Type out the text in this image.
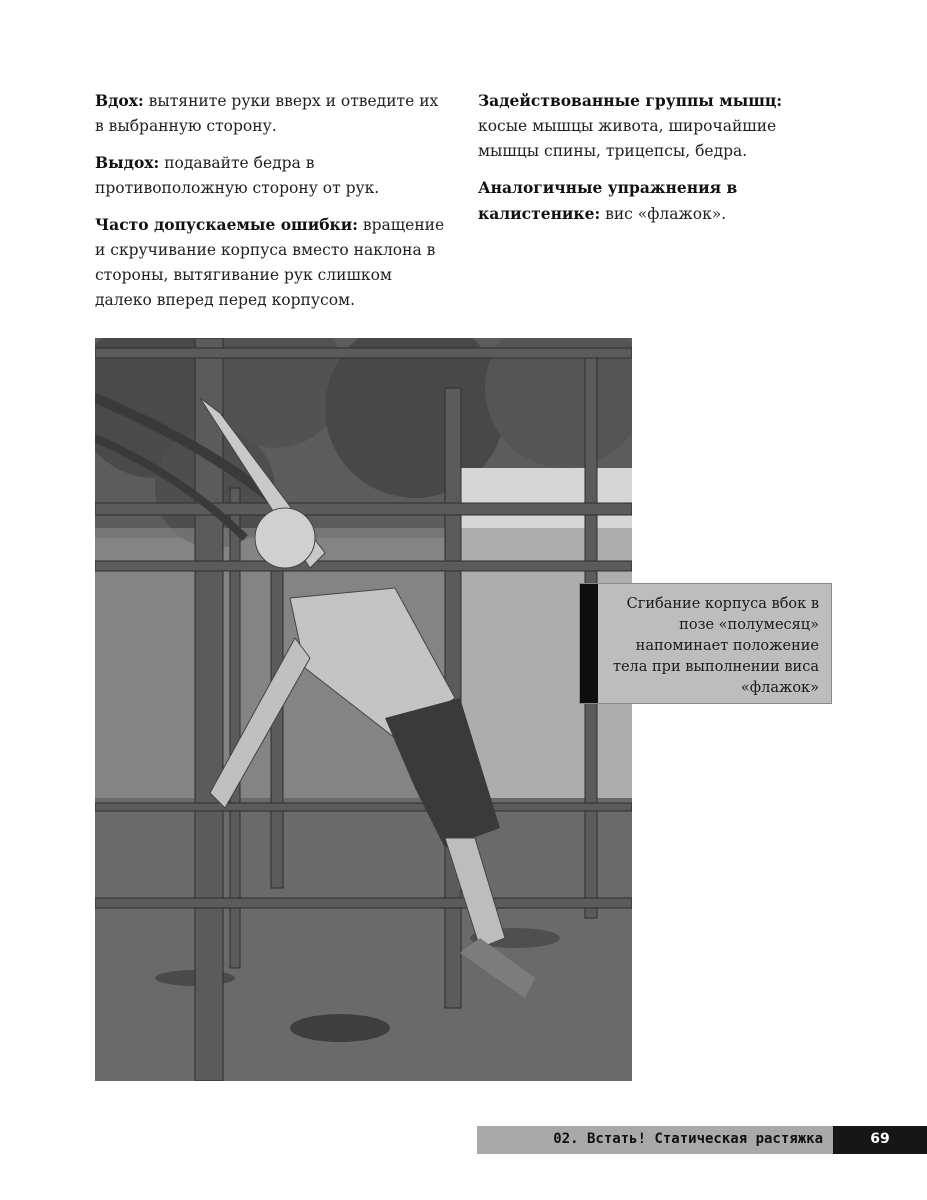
Вдох: вытяните руки вверх и отведите их в выбранную сторону.

Выдох: подавайте бедра в противоположную сторону от рук.

Часто допускаемые ошибки: вращение и скручивание корпуса вместо наклона в стороны, вытягивание рук слишком далеко вперед перед корпусом.

Задействованные группы мышц: косые мышцы живота, широчайшие мышцы спины, трицепсы, бедра.

Аналогичные упражнения в калистенике: вис «флажок».

Сгибание корпуса вбок в позе «полумесяц» напоминает положение тела при выполнении виса «флажок»
02. Встать! Статическая растяжка	69
